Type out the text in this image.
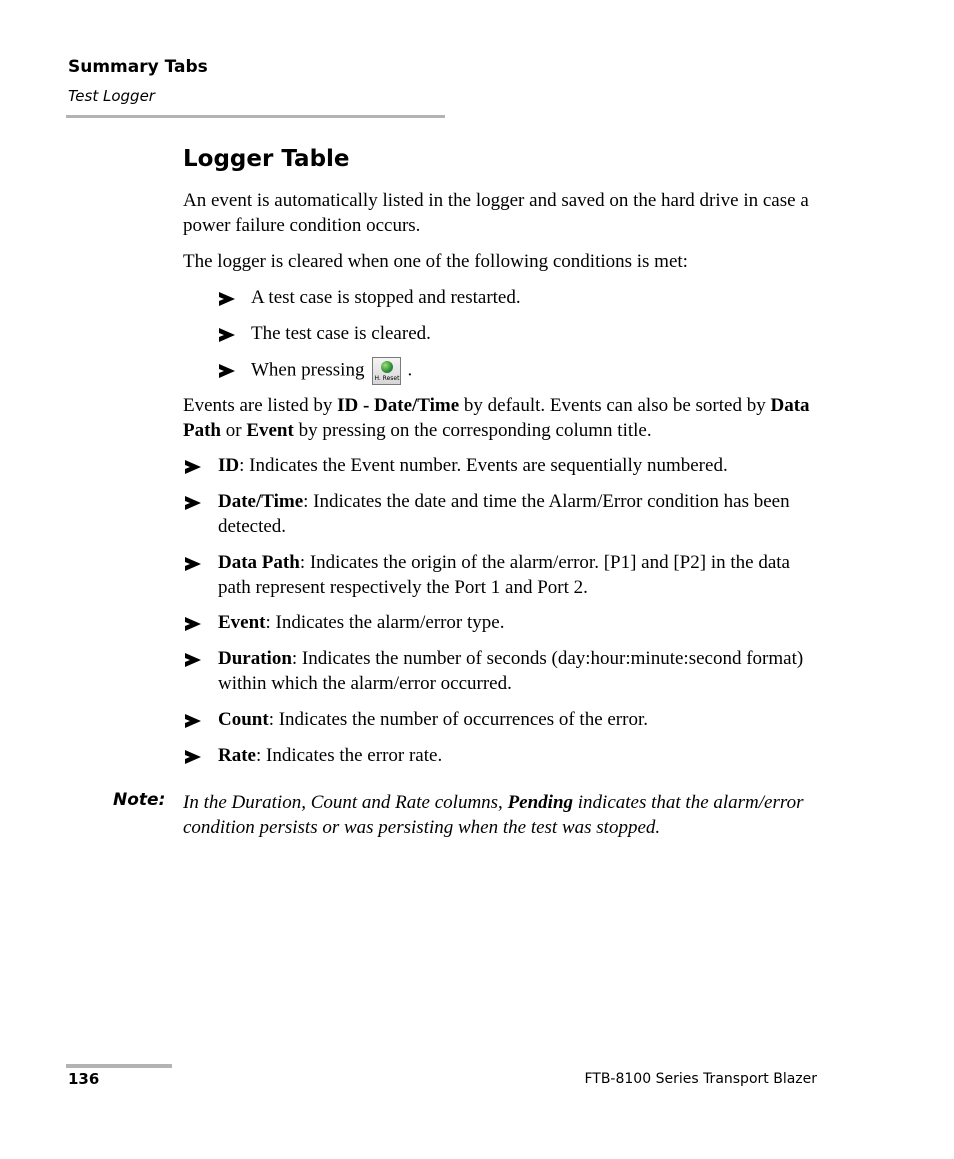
Summary Tabs
Test Logger
Logger Table
An event is automatically listed in the logger and saved on the hard drive in case a power failure condition occurs.
The logger is cleared when one of the following conditions is met:
A test case is stopped and restarted.
The test case is cleared.
When pressing H. Reset .
Events are listed by ID - Date/Time by default. Events can also be sorted by Data Path or Event by pressing on the corresponding column title.
ID: Indicates the Event number. Events are sequentially numbered.
Date/Time: Indicates the date and time the Alarm/Error condition has been detected.
Data Path: Indicates the origin of the alarm/error. [P1] and [P2] in the data path represent respectively the Port 1 and Port 2.
Event: Indicates the alarm/error type.
Duration: Indicates the number of seconds (day:hour:minute:second format) within which the alarm/error occurred.
Count: Indicates the number of occurrences of the error.
Rate: Indicates the error rate.
Note: In the Duration, Count and Rate columns, Pending indicates that the alarm/error condition persists or was persisting when the test was stopped.
136	FTB-8100 Series Transport Blazer
